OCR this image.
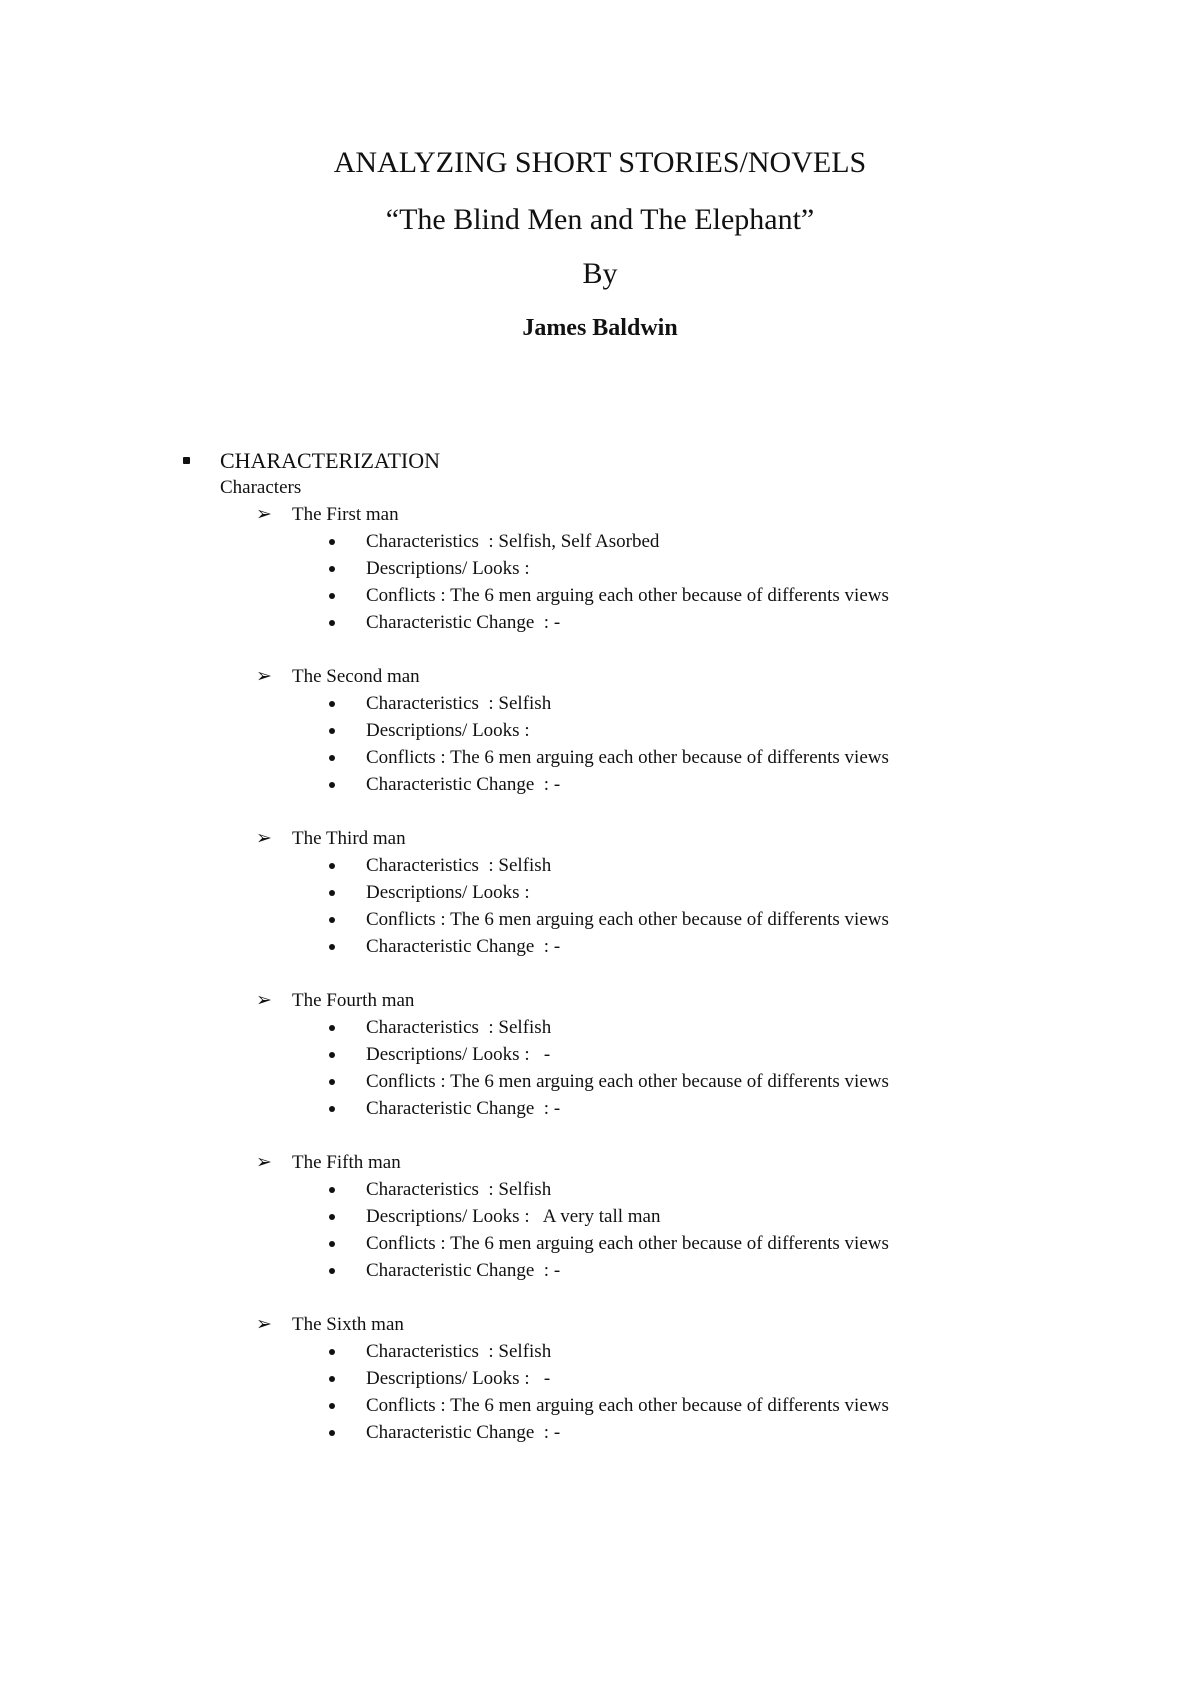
ANALYZING SHORT STORIES/NOVELS
“The Blind Men and The Elephant”
By
James Baldwin
CHARACTERIZATION
Characters
➢ The First man
Characteristics  : Selfish, Self Asorbed
Descriptions/ Looks :
Conflicts : The 6 men arguing each other because of differents views
Characteristic Change  : -
➢ The Second man
Characteristics  : Selfish
Descriptions/ Looks :
Conflicts : The 6 men arguing each other because of differents views
Characteristic Change  : -
➢ The Third man
Characteristics  : Selfish
Descriptions/ Looks :
Conflicts : The 6 men arguing each other because of differents views
Characteristic Change  : -
➢ The Fourth man
Characteristics  : Selfish
Descriptions/ Looks :   -
Conflicts : The 6 men arguing each other because of differents views
Characteristic Change  : -
➢ The Fifth man
Characteristics  : Selfish
Descriptions/ Looks :   A very tall man
Conflicts : The 6 men arguing each other because of differents views
Characteristic Change  : -
➢ The Sixth man
Characteristics  : Selfish
Descriptions/ Looks :   -
Conflicts : The 6 men arguing each other because of differents views
Characteristic Change  : -
